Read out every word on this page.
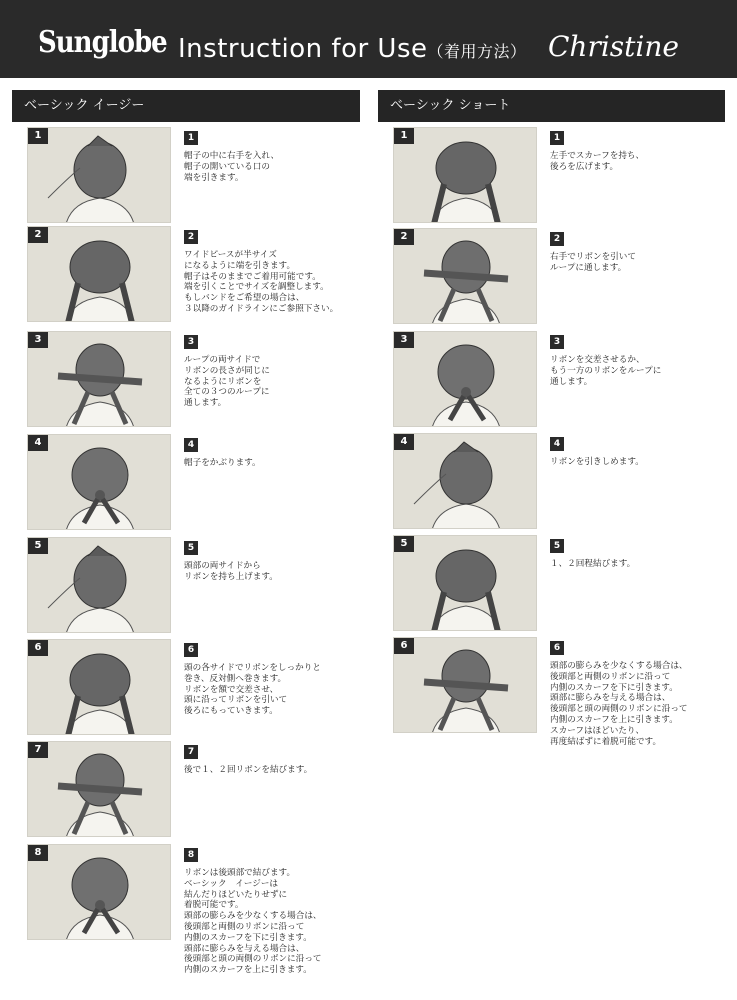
Sunglobe Instruction for Use（着用方法） Christine
ベーシック イージー	ベーシック ショート
1	1
帽子の中に右手を入れ、
帽子の開いている口の
端を引きます。
2	2
ワイドピースが半サイズ
になるように端を引きます。
帽子はそのままでご着用可能です。
端を引くことでサイズを調整します。
もしバンドをご希望の場合は、
３以降のガイドラインにご参照下さい。
3	3
ループの両サイドで
リボンの長さが同じに
なるようにリボンを
全ての３つのループに
通します。
4	4
帽子をかぶります。
5	5
頭部の両サイドから
リボンを持ち上げます。
6	6
頭の各サイドでリボンをしっかりと
巻き、反対側へ巻きます。
リボンを額で交差させ、
頭に沿ってリボンを引いて
後ろにもっていきます。
7	7
後で１、２回リボンを結びます。
8	8
リボンは後頭部で結びます。
ベーシック　イージーは
結んだりほどいたりせずに
着脱可能です。
頭部の膨らみを少なくする場合は、
後頭部と両側のリボンに沿って
内側のスカーフを下に引きます。
頭部に膨らみを与える場合は、
後頭部と頭の両側のリボンに沿って
内側のスカーフを上に引きます。
1	1
左手でスカーフを持ち、
後ろを広げます。
2	2
右手でリボンを引いて
ループに通します。
3	3
リボンを交差させるか、
もう一方のリボンをループに
通します。
4	4
リボンを引きしめます。
5	5
１、２回程結びます。
6	6
頭部の膨らみを少なくする場合は、
後頭部と両側のリボンに沿って
内側のスカーフを下に引きます。
頭部に膨らみを与える場合は、
後頭部と頭の両側のリボンに沿って
内側のスカーフを上に引きます。
スカーフはほどいたり、
再度結ばずに着脱可能です。
